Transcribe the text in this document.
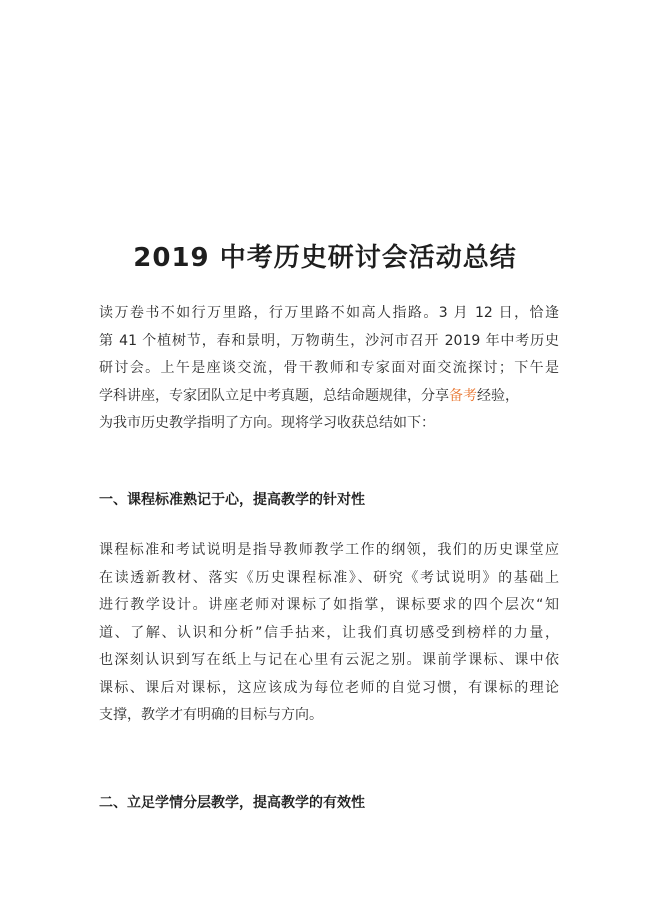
2019 中考历史研讨会活动总结
读万卷书不如行万里路，行万里路不如高人指路。3 月 12 日，恰逢
第 41 个植树节，春和景明，万物萌生，沙河市召开 2019 年中考历史
研讨会。上午是座谈交流，骨干教师和专家面对面交流探讨；下午是
学科讲座，专家团队立足中考真题，总结命题规律，分享备考经验，
为我市历史教学指明了方向。现将学习收获总结如下：
一、课程标准熟记于心，提高教学的针对性
课程标准和考试说明是指导教师教学工作的纲领，我们的历史课堂应
在读透新教材、落实《历史课程标准》、研究《考试说明》的基础上
进行教学设计。讲座老师对课标了如指掌，课标要求的四个层次“知
道、了解、认识和分析”信手拈来，让我们真切感受到榜样的力量，
也深刻认识到写在纸上与记在心里有云泥之别。课前学课标、课中依
课标、课后对课标，这应该成为每位老师的自觉习惯，有课标的理论
支撑，教学才有明确的目标与方向。
二、立足学情分层教学，提高教学的有效性
